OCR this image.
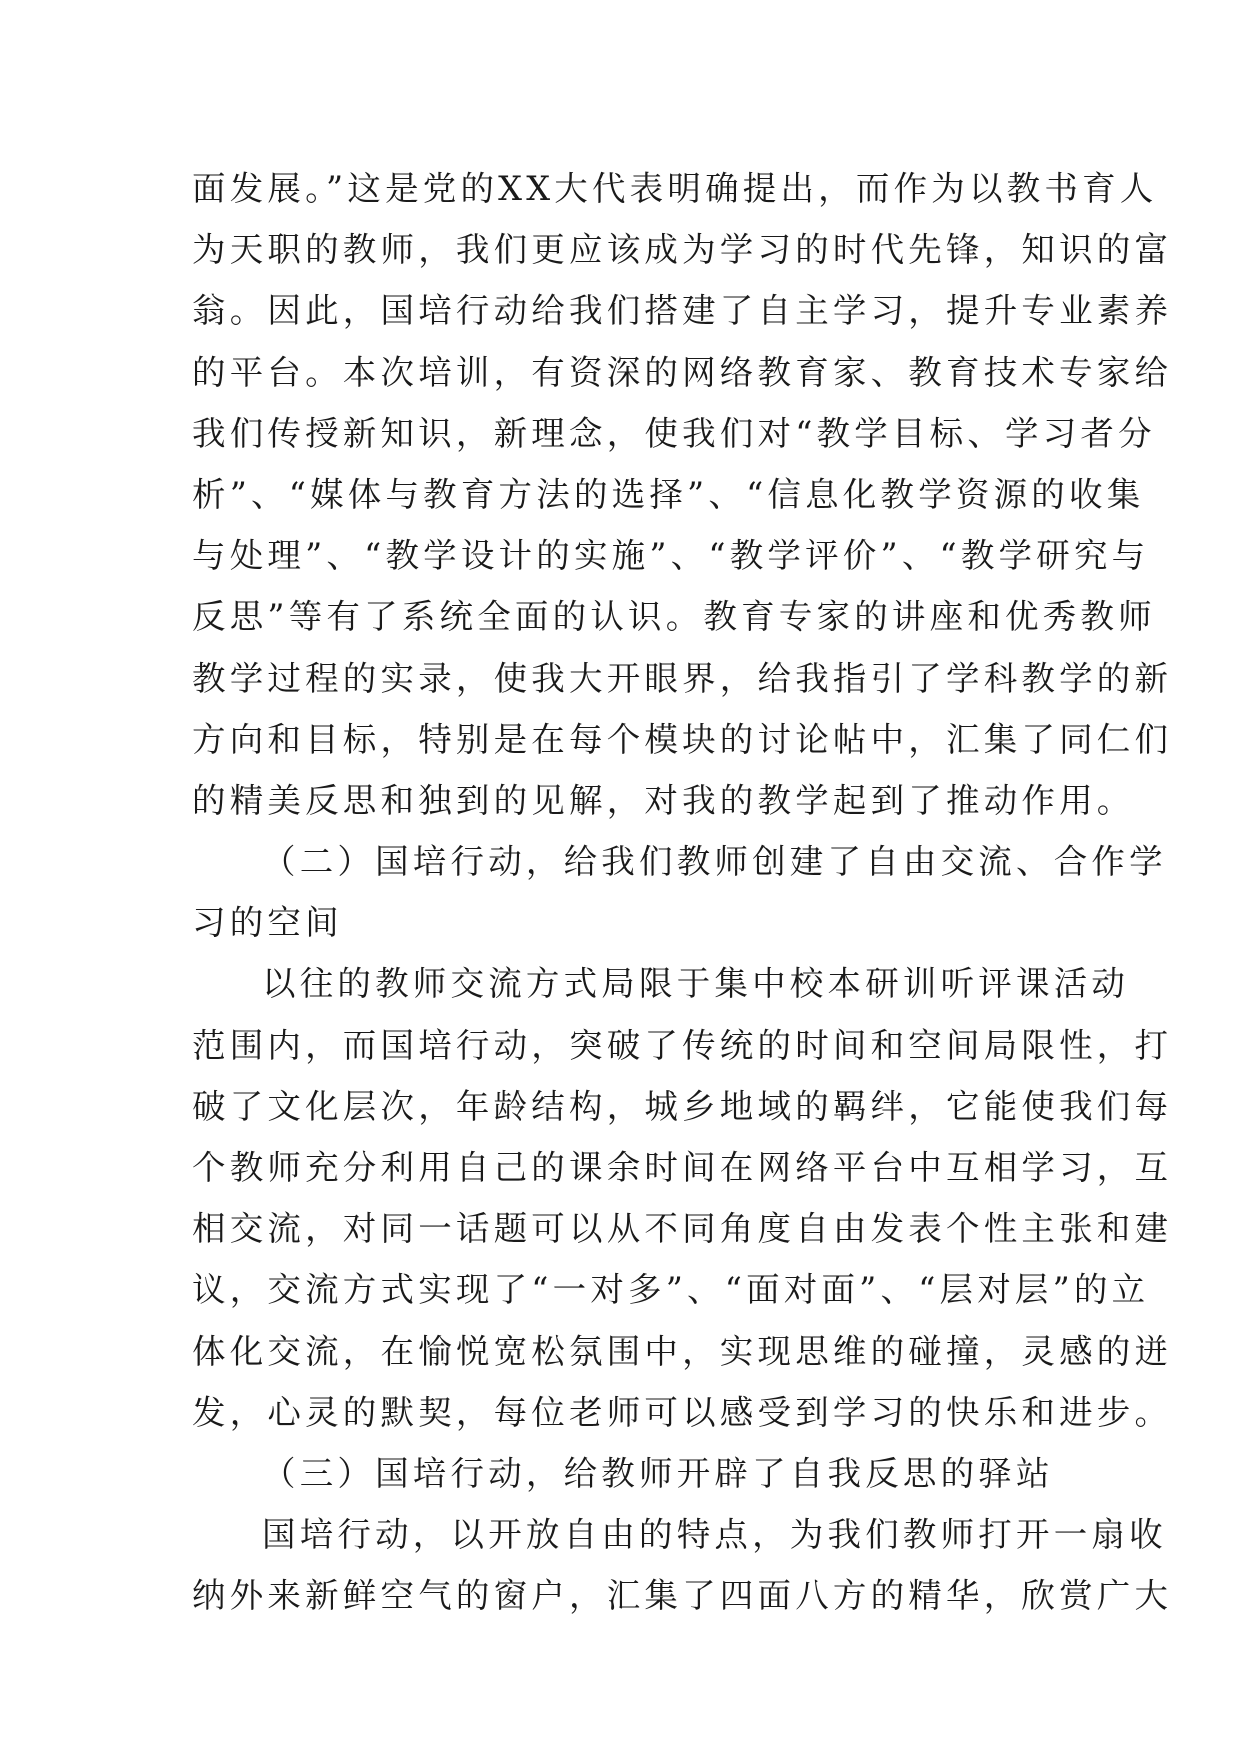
面发展。”这是党的XX大代表明确提出，而作为以教书育人

为天职的教师，我们更应该成为学习的时代先锋，知识的富

翁。因此，国培行动给我们搭建了自主学习，提升专业素养

的平台。本次培训，有资深的网络教育家、教育技术专家给

我们传授新知识，新理念，使我们对“教学目标、学习者分

析”、“媒体与教育方法的选择”、“信息化教学资源的收集

与处理”、“教学设计的实施”、“教学评价”、“教学研究与

反思”等有了系统全面的认识。教育专家的讲座和优秀教师

教学过程的实录，使我大开眼界，给我指引了学科教学的新

方向和目标，特别是在每个模块的讨论帖中，汇集了同仁们

的精美反思和独到的见解，对我的教学起到了推动作用。

（二）国培行动，给我们教师创建了自由交流、合作学

习的空间

以往的教师交流方式局限于集中校本研训听评课活动

范围内，而国培行动，突破了传统的时间和空间局限性，打

破了文化层次，年龄结构，城乡地域的羁绊，它能使我们每

个教师充分利用自己的课余时间在网络平台中互相学习，互

相交流，对同一话题可以从不同角度自由发表个性主张和建

议，交流方式实现了“一对多”、“面对面”、“层对层”的立

体化交流，在愉悦宽松氛围中，实现思维的碰撞，灵感的迸

发，心灵的默契，每位老师可以感受到学习的快乐和进步。

（三）国培行动，给教师开辟了自我反思的驿站

国培行动，以开放自由的特点，为我们教师打开一扇收

纳外来新鲜空气的窗户，汇集了四面八方的精华，欣赏广大
